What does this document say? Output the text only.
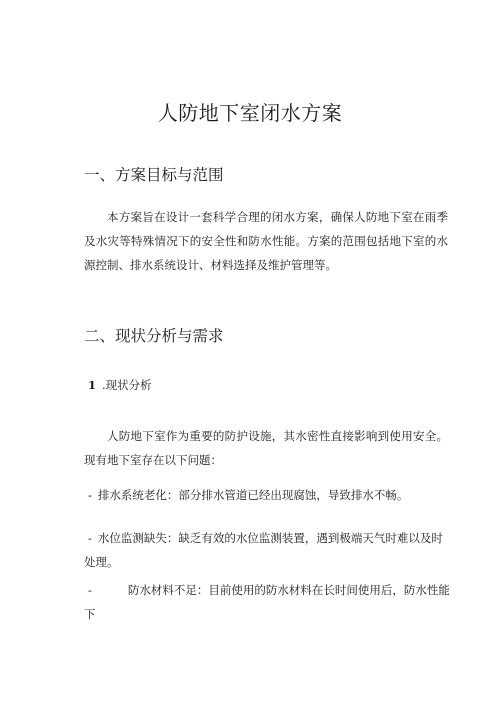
人防地下室闭水方案
一、方案目标与范围
本方案旨在设计一套科学合理的闭水方案，确保人防地下室在雨季及水灾等特殊情况下的安全性和防水性能。方案的范围包括地下室的水源控制、排水系统设计、材料选择及维护管理等。
二、现状分析与需求
1 .现状分析
人防地下室作为重要的防护设施，其水密性直接影响到使用安全。现有地下室存在以下问题：
- 排水系统老化：部分排水管道已经出现腐蚀，导致排水不畅。
- 水位监测缺失：缺乏有效的水位监测装置，遇到极端天气时难以及时处理。
-	防水材料不足：目前使用的防水材料在长时间使用后，防水性能下
